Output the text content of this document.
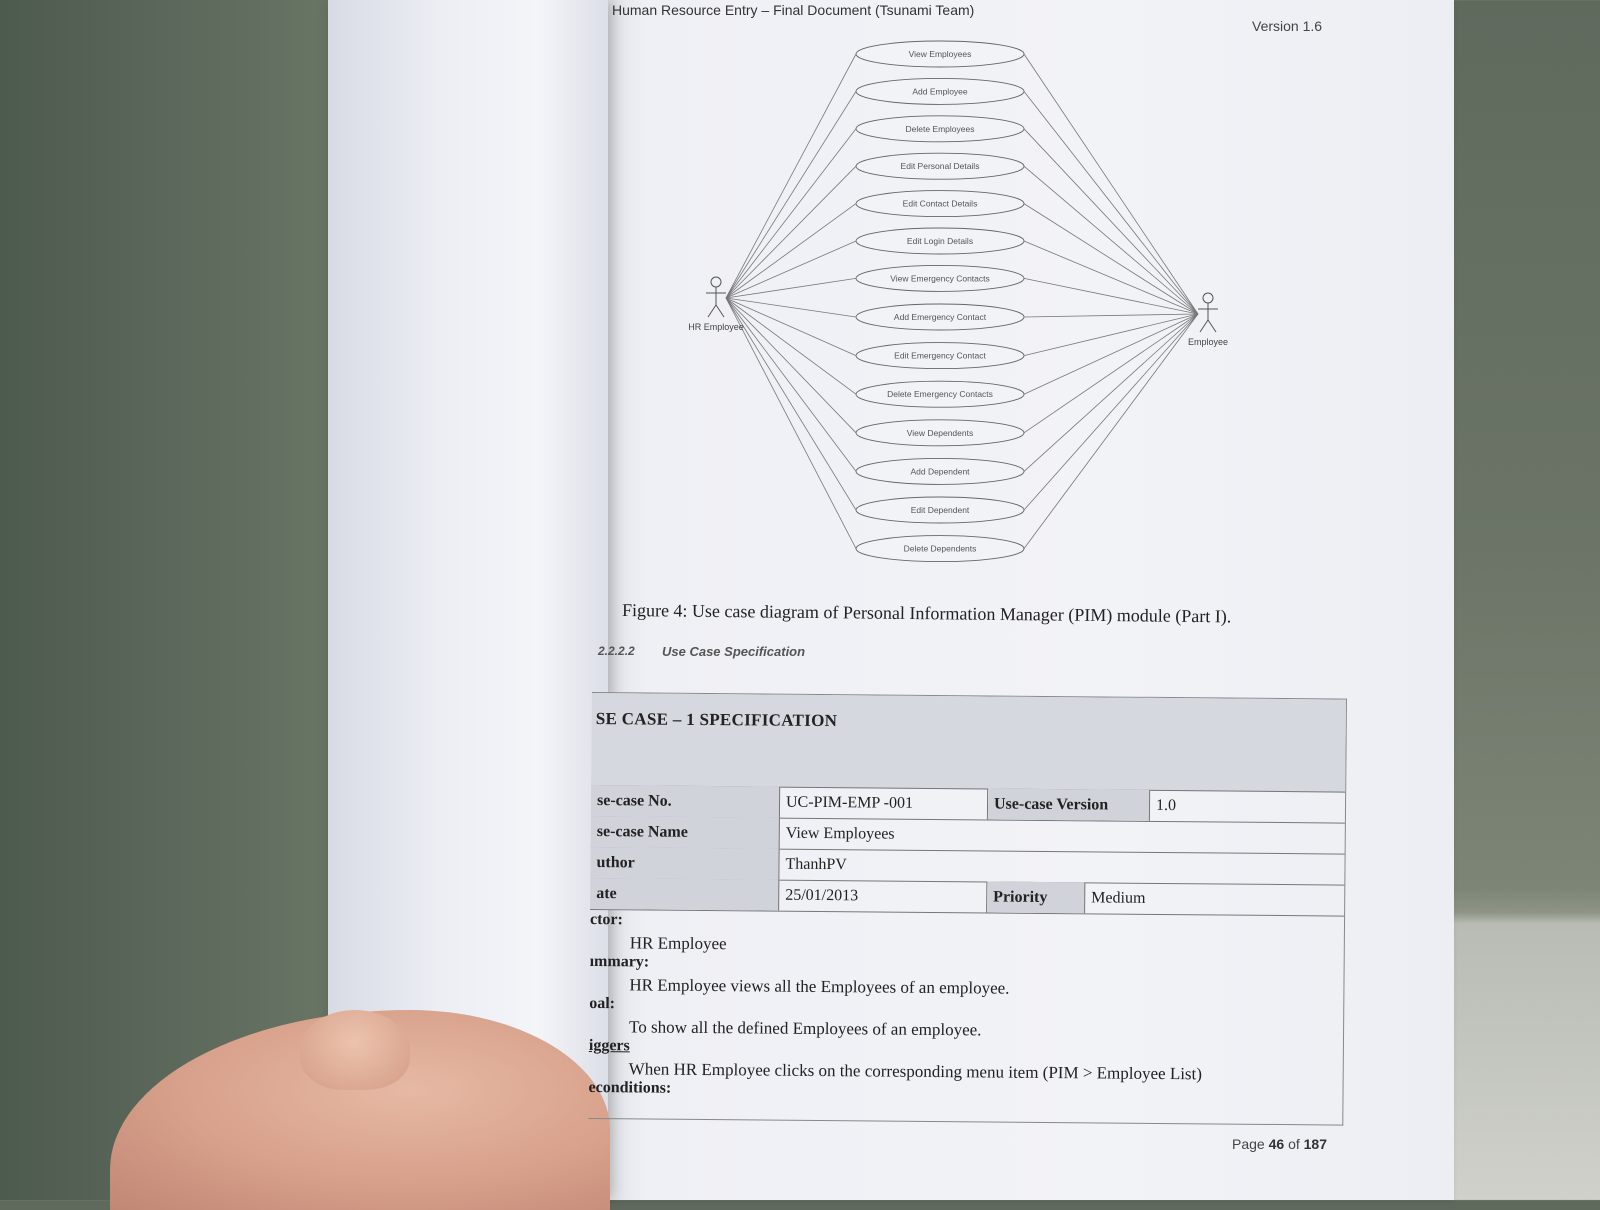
Human Resource Entry – Final Document (Tsunami Team)
Version 1.6
View Employees
Add Employee
Delete Employees
Edit Personal Details
Edit Contact Details
Edit Login Details
View Emergency Contacts
Add Emergency Contact
Edit Emergency Contact
Delete Emergency Contacts
View Dependents
Add Dependent
Edit Dependent
Delete Dependents
HR Employee
Employee
Figure 4: Use case diagram of Personal Information Manager (PIM) module (Part I).
2.2.2.2 Use Case Specification
SE CASE – 1 SPECIFICATION
se-case No.	UC-PIM-EMP -001	Use-case Version	1.0
se-case Name	View Employees
uthor	ThanhPV
ate	25/01/2013	Priority	Medium
ctor:
HR Employee
ımmary:
HR Employee views all the Employees of an employee.
oal:
To show all the defined Employees of an employee.
iggers
When HR Employee clicks on the corresponding menu item (PIM > Employee List)
econditions:
Page 46 of 187
